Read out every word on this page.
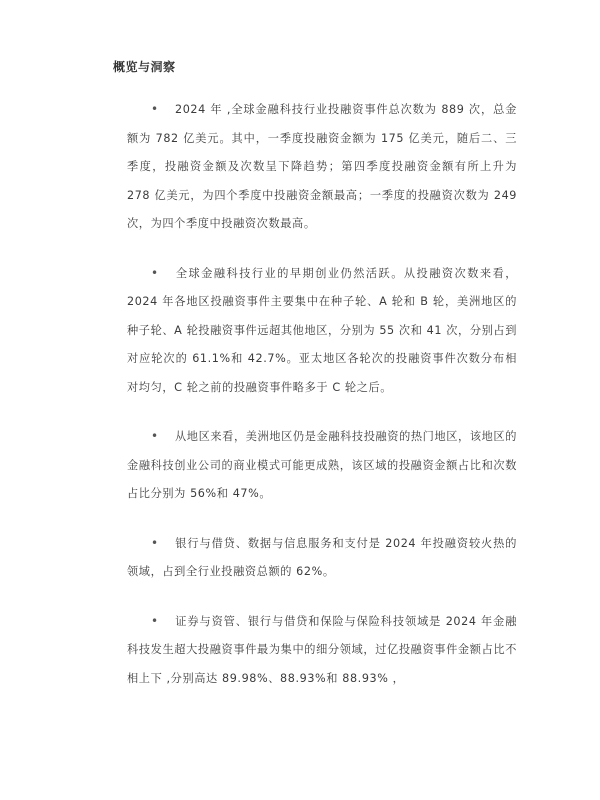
概览与洞察
• 2024 年 ,全球金融科技行业投融资事件总次数为 889 次，总金额为 782 亿美元。其中，一季度投融资金额为 175 亿美元，随后二、三季度，投融资金额及次数呈下降趋势；第四季度投融资金额有所上升为 278 亿美元，为四个季度中投融资金额最高；一季度的投融资次数为 249 次，为四个季度中投融资次数最高。
• 全球金融科技行业的早期创业仍然活跃。从投融资次数来看，2024 年各地区投融资事件主要集中在种子轮、A 轮和 B 轮，美洲地区的种子轮、A 轮投融资事件远超其他地区，分别为 55 次和 41 次，分别占到对应轮次的 61.1%和 42.7%。亚太地区各轮次的投融资事件次数分布相对均匀，C 轮之前的投融资事件略多于 C 轮之后。
• 从地区来看，美洲地区仍是金融科技投融资的热门地区，该地区的金融科技创业公司的商业模式可能更成熟，该区域的投融资金额占比和次数占比分别为 56%和 47%。
• 银行与借贷、数据与信息服务和支付是 2024 年投融资较火热的领域，占到全行业投融资总额的 62%。
• 证券与资管、银行与借贷和保险与保险科技领域是 2024 年金融科技发生超大投融资事件最为集中的细分领域，过亿投融资事件金额占比不相上下 ,分别高达 89.98%、88.93%和 88.93% ，
